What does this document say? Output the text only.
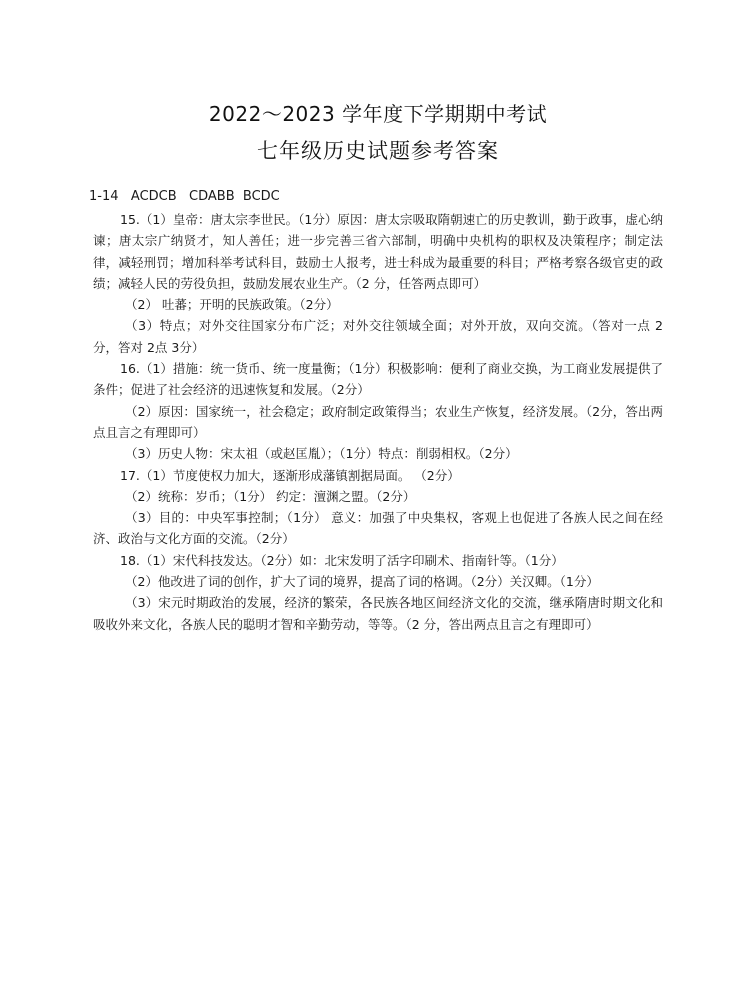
2022～2023 学年度下学期期中考试
七年级历史试题参考答案
1-14   ACDCB   CDABB  BCDC

15.（1）皇帝：唐太宗李世民。（1分）原因：唐太宗吸取隋朝速亡的历史教训，勤于政事，虚心纳谏；唐太宗广纳贤才，知人善任；进一步完善三省六部制，明确中央机构的职权及决策程序；制定法律，减轻刑罚；增加科举考试科目，鼓励士人报考，进士科成为最重要的科目；严格考察各级官吏的政绩；减轻人民的劳役负担，鼓励发展农业生产。（2 分，任答两点即可）

（2） 吐蕃；开明的民族政策。（2分）

（3）特点；对外交往国家分布广泛；对外交往领域全面；对外开放，双向交流。（答对一点 2分，答对 2点 3分）

16.（1）措施：统一货币、统一度量衡；（1分）积极影响：便利了商业交换，为工商业发展提供了条件；促进了社会经济的迅速恢复和发展。（2分）

（2）原因：国家统一，社会稳定；政府制定政策得当；农业生产恢复，经济发展。（2分，答出两点且言之有理即可）

（3）历史人物：宋太祖（或赵匡胤）；（1分）特点：削弱相权。（2分）

17.（1）节度使权力加大，逐渐形成藩镇割据局面。 （2分）

（2）统称：岁币；（1分） 约定：澶渊之盟。（2分）

（3）目的：中央军事控制；（1分） 意义：加强了中央集权，客观上也促进了各族人民之间在经济、政治与文化方面的交流。（2分）

18.（1）宋代科技发达。（2分）如：北宋发明了活字印刷术、指南针等。（1分）

（2）他改进了词的创作，扩大了词的境界，提高了词的格调。（2分）关汉卿。（1分）

（3）宋元时期政治的发展，经济的繁荣，各民族各地区间经济文化的交流，继承隋唐时期文化和吸收外来文化，各族人民的聪明才智和辛勤劳动，等等。（2 分，答出两点且言之有理即可）
